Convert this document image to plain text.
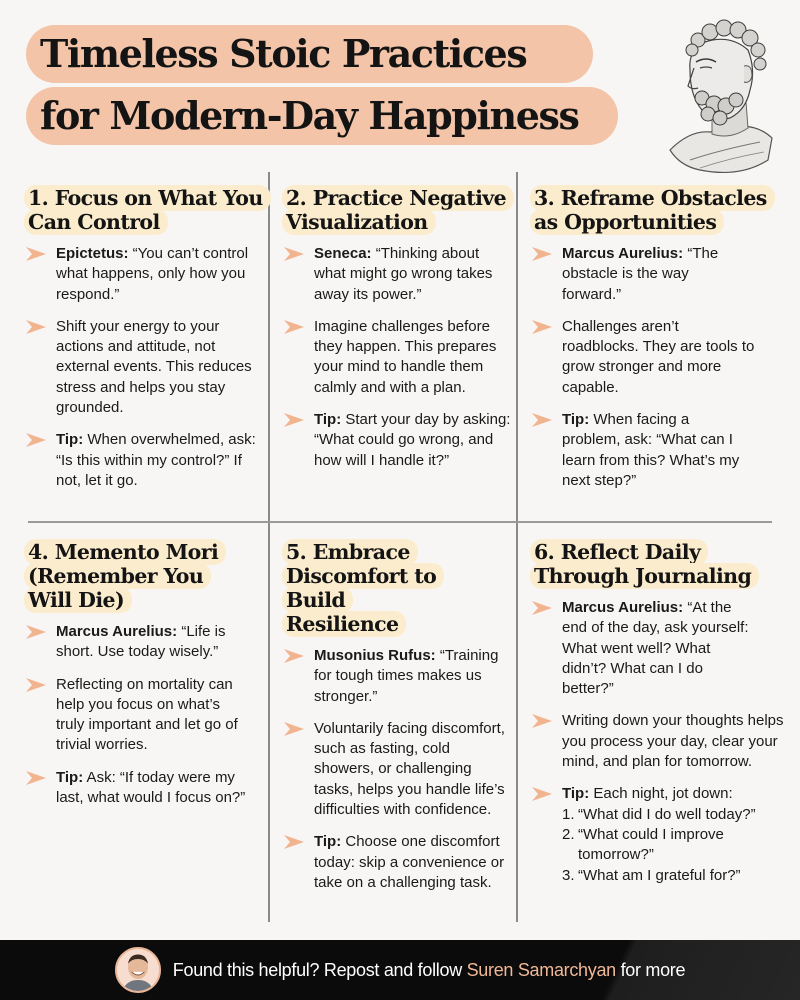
Timeless Stoic Practices
for Modern-Day Happiness
1. Focus on What You Can Control
Epictetus: “You can’t control what happens, only how you respond.”
Shift your energy to your actions and attitude, not external events. This reduces stress and helps you stay grounded.
Tip: When overwhelmed, ask: “Is this within my control?” If not, let it go.
2. Practice Negative Visualization
Seneca: “Thinking about what might go wrong takes away its power.”
Imagine challenges before they happen. This prepares your mind to handle them calmly and with a plan.
Tip: Start your day by asking: “What could go wrong, and how will I handle it?”
3. Reframe Obstacles as Opportunities
Marcus Aurelius: “The obstacle is the way forward.”
Challenges aren’t roadblocks. They are tools to grow stronger and more capable.
Tip: When facing a problem, ask: “What can I learn from this? What’s my next step?”
4. Memento Mori (Remember You Will Die)
Marcus Aurelius: “Life is short. Use today wisely.”
Reflecting on mortality can help you focus on what’s truly important and let go of trivial worries.
Tip: Ask: “If today were my last, what would I focus on?”
5. Embrace Discomfort to Build Resilience
Musonius Rufus: “Training for tough times makes us stronger.”
Voluntarily facing discomfort, such as fasting, cold showers, or challenging tasks, helps you handle life’s difficulties with confidence.
Tip: Choose one discomfort today: skip a convenience or take on a challenging task.
6. Reflect Daily Through Journaling
Marcus Aurelius: “At the end of the day, ask yourself: What went well? What didn’t? What can I do better?”
Writing down your thoughts helps you process your day, clear your mind, and plan for tomorrow.
Tip: Each night, jot down:
1. “What did I do well today?”
2. “What could I improve tomorrow?”
3. “What am I grateful for?”
Found this helpful? Repost and follow Suren Samarchyan for more
